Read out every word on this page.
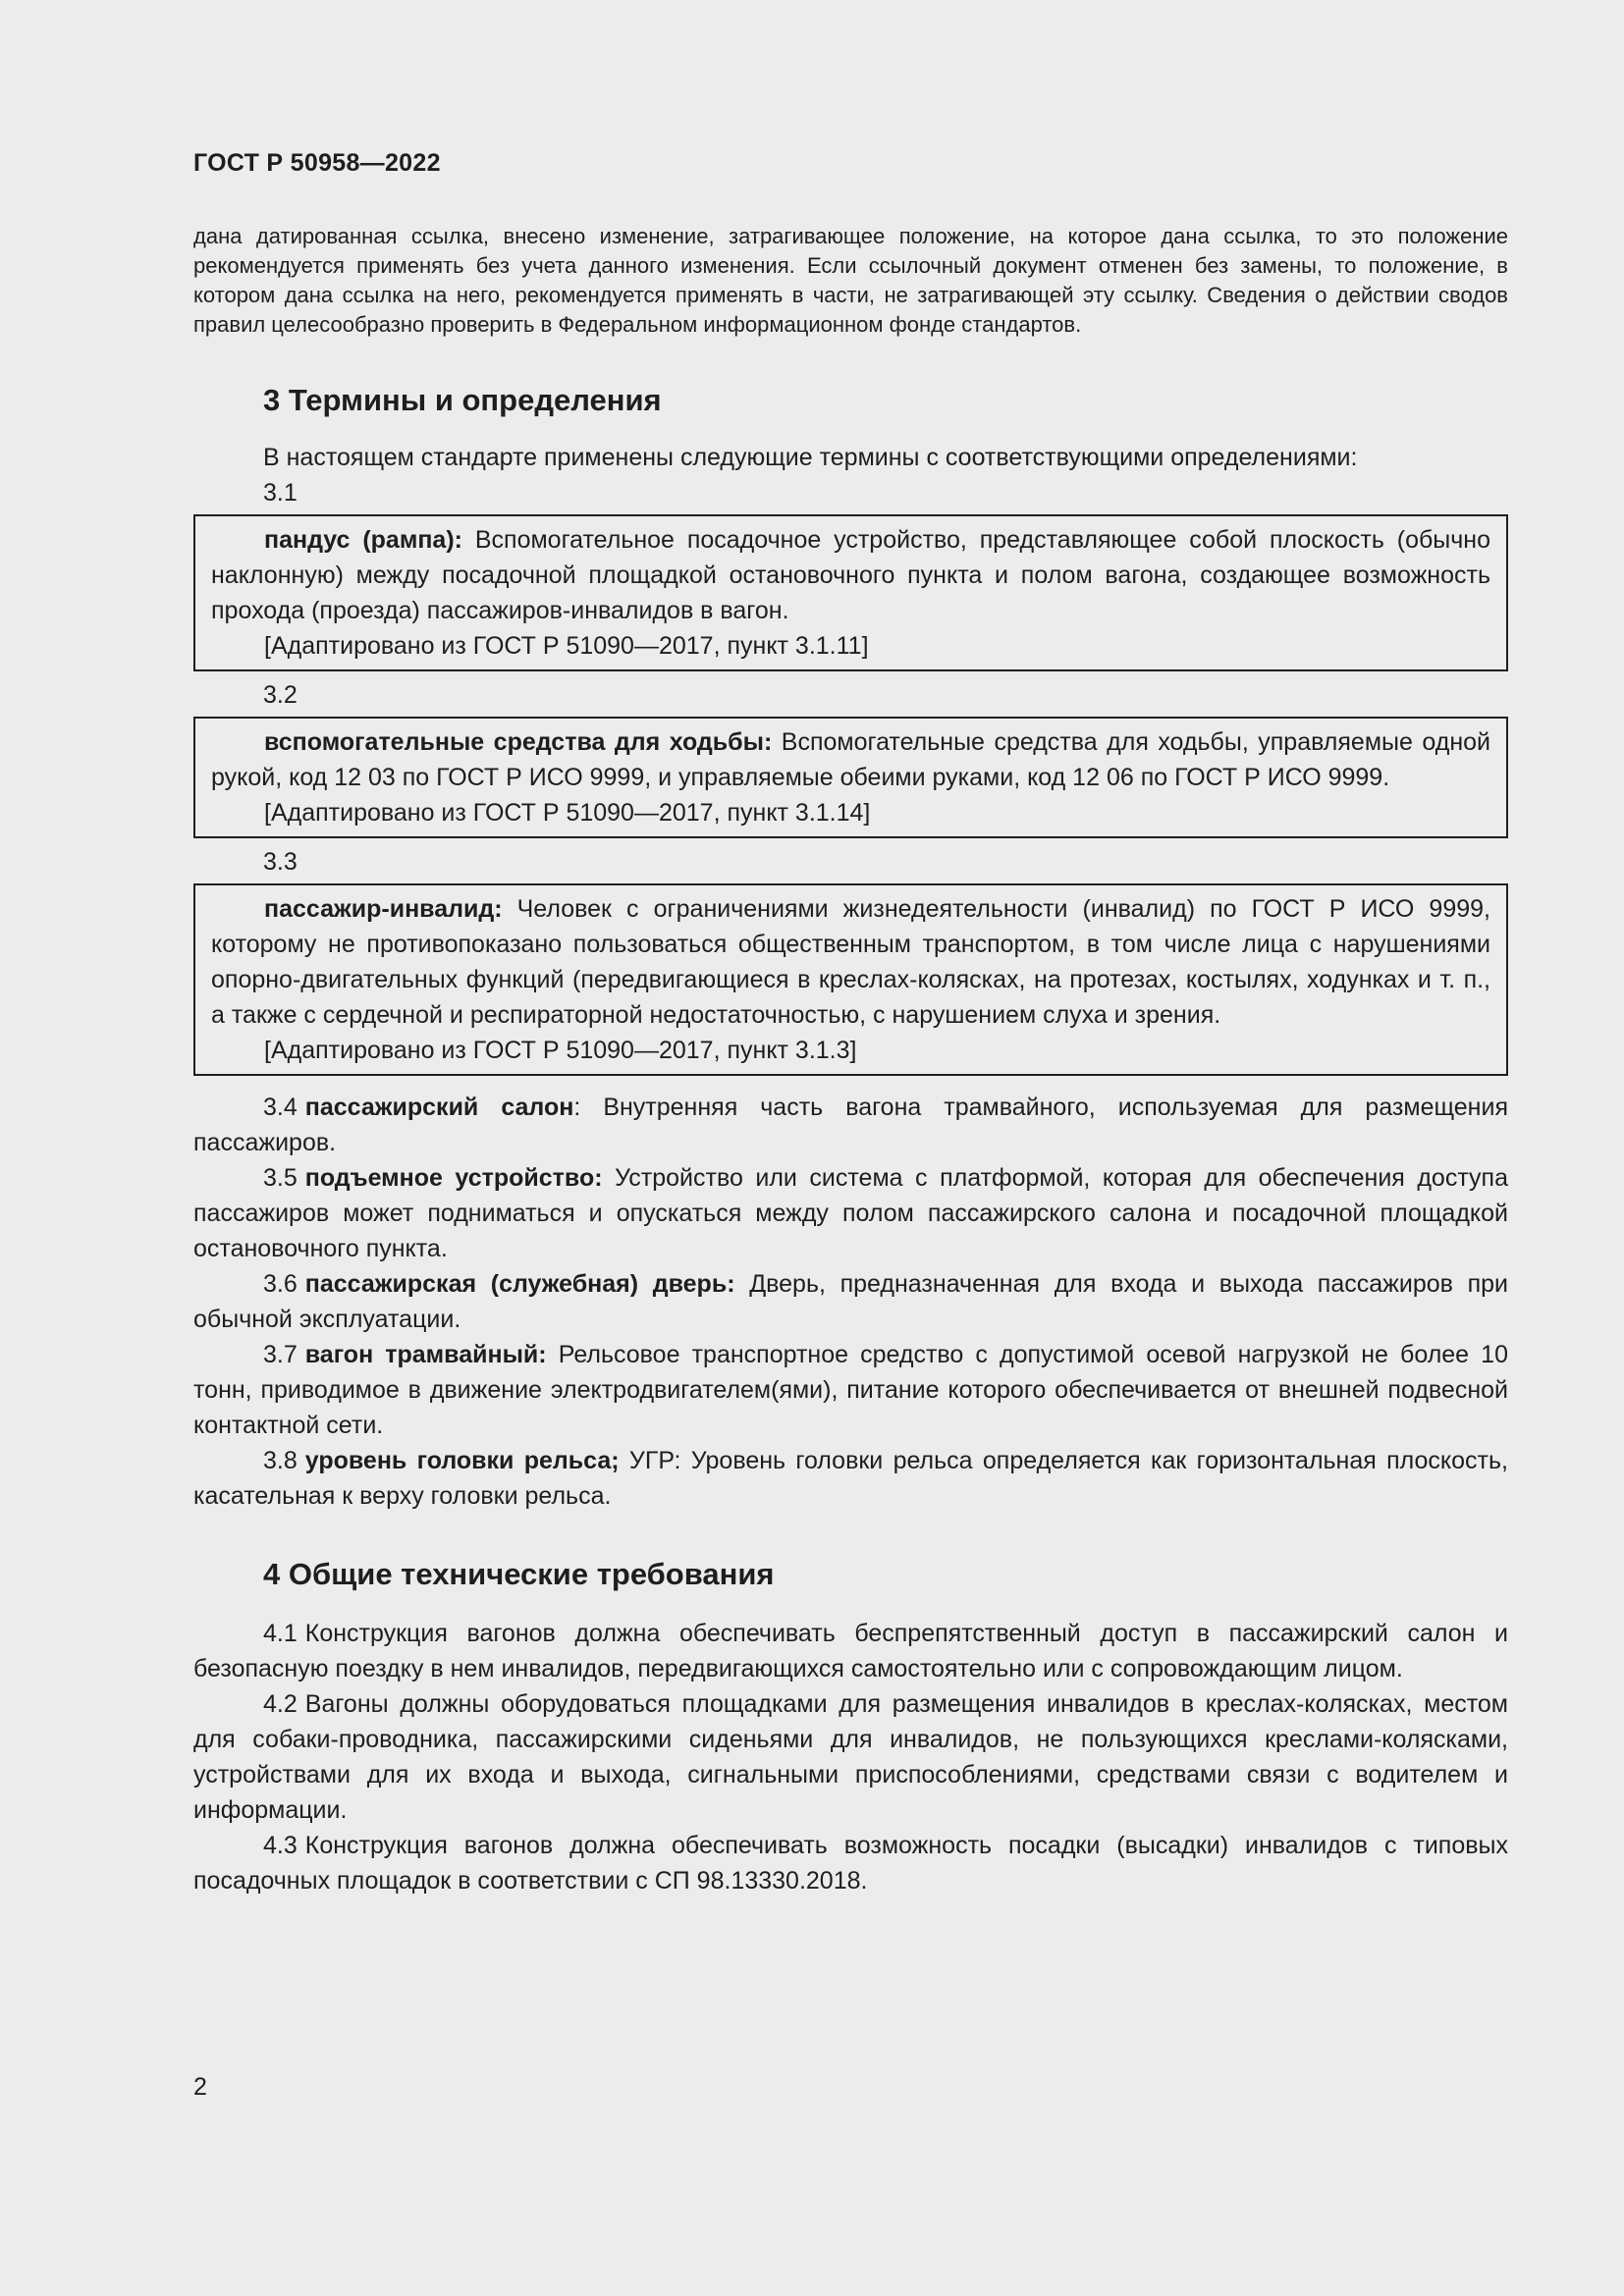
ГОСТ Р 50958—2022

дана датированная ссылка, внесено изменение, затрагивающее положение, на которое дана ссылка, то это положение рекомендуется применять без учета данного изменения. Если ссылочный документ отменен без замены, то положение, в котором дана ссылка на него, рекомендуется применять в части, не затрагивающей эту ссылку. Сведения о действии сводов правил целесообразно проверить в Федеральном информационном фонде стандартов.

3 Термины и определения

В настоящем стандарте применены следующие термины с соответствующими определениями:

3.1

пандус (рампа): Вспомогательное посадочное устройство, представляющее собой плоскость (обычно наклонную) между посадочной площадкой остановочного пункта и полом вагона, создающее возможность прохода (проезда) пассажиров-инвалидов в вагон.

[Адаптировано из ГОСТ Р 51090—2017, пункт 3.1.11]

3.2

вспомогательные средства для ходьбы: Вспомогательные средства для ходьбы, управляемые одной рукой, код 12 03 по ГОСТ Р ИСО 9999, и управляемые обеими руками, код 12 06 по ГОСТ Р ИСО 9999.

[Адаптировано из ГОСТ Р 51090—2017, пункт 3.1.14]

3.3

пассажир-инвалид: Человек с ограничениями жизнедеятельности (инвалид) по ГОСТ Р ИСО 9999, которому не противопоказано пользоваться общественным транспортом, в том числе лица с нарушениями опорно-двигательных функций (передвигающиеся в креслах-колясках, на протезах, костылях, ходунках и т. п., а также с сердечной и респираторной недостаточностью, с нарушением слуха и зрения.

[Адаптировано из ГОСТ Р 51090—2017, пункт 3.1.3]

3.4 пассажирский салон: Внутренняя часть вагона трамвайного, используемая для размещения пассажиров.

3.5 подъемное устройство: Устройство или система с платформой, которая для обеспечения доступа пассажиров может подниматься и опускаться между полом пассажирского салона и посадочной площадкой остановочного пункта.

3.6 пассажирская (служебная) дверь: Дверь, предназначенная для входа и выхода пассажиров при обычной эксплуатации.

3.7 вагон трамвайный: Рельсовое транспортное средство с допустимой осевой нагрузкой не более 10 тонн, приводимое в движение электродвигателем(ями), питание которого обеспечивается от внешней подвесной контактной сети.

3.8 уровень головки рельса; УГР: Уровень головки рельса определяется как горизонтальная плоскость, касательная к верху головки рельса.

4 Общие технические требования

4.1 Конструкция вагонов должна обеспечивать беспрепятственный доступ в пассажирский салон и безопасную поездку в нем инвалидов, передвигающихся самостоятельно или с сопровождающим лицом.

4.2 Вагоны должны оборудоваться площадками для размещения инвалидов в креслах-колясках, местом для собаки-проводника, пассажирскими сиденьями для инвалидов, не пользующихся креслами-колясками, устройствами для их входа и выхода, сигнальными приспособлениями, средствами связи с водителем и информации.

4.3 Конструкция вагонов должна обеспечивать возможность посадки (высадки) инвалидов с типовых посадочных площадок в соответствии с СП 98.13330.2018.

2
